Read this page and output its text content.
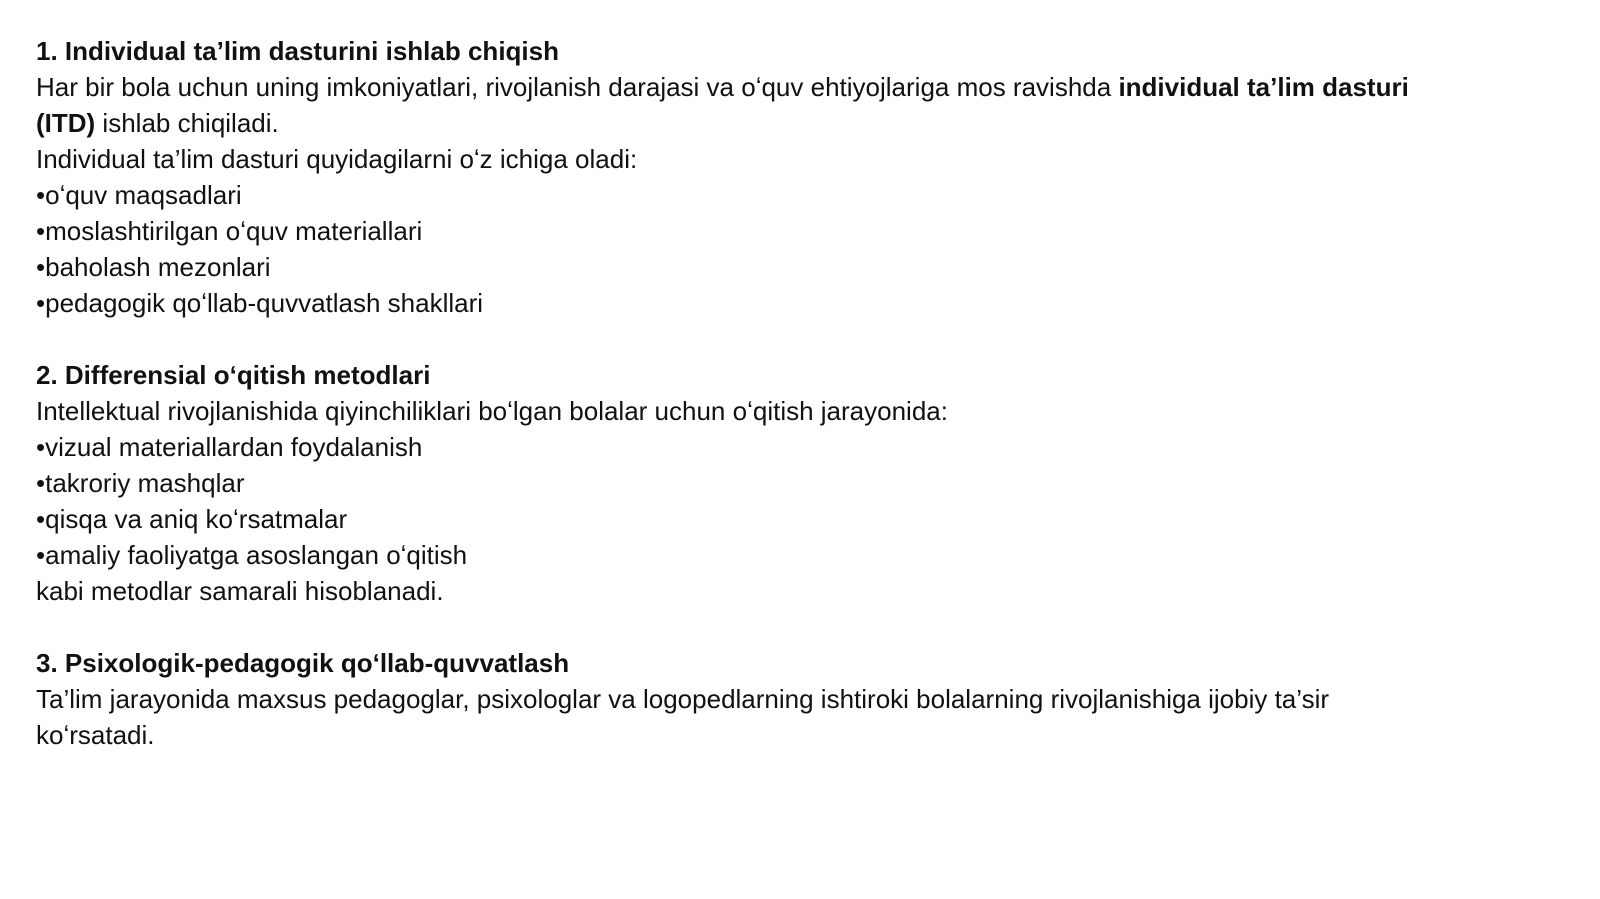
1. Individual ta’lim dasturini ishlab chiqish
Har bir bola uchun uning imkoniyatlari, rivojlanish darajasi va oʻquv ehtiyojlariga mos ravishda individual ta’lim dasturi (ITD) ishlab chiqiladi.
Individual ta’lim dasturi quyidagilarni oʻz ichiga oladi:
•oʻquv maqsadlari
•moslashtirilgan oʻquv materiallari
•baholash mezonlari
•pedagogik qoʻllab-quvvatlash shakllari
2. Differensial oʻqitish metodlari
Intellektual rivojlanishida qiyinchiliklari boʻlgan bolalar uchun oʻqitish jarayonida:
•vizual materiallardan foydalanish
•takroriy mashqlar
•qisqa va aniq koʻrsatmalar
•amaliy faoliyatga asoslangan oʻqitish
kabi metodlar samarali hisoblanadi.
3. Psixologik-pedagogik qoʻllab-quvvatlash
Ta’lim jarayonida maxsus pedagoglar, psixologlar va logopedlarning ishtiroki bolalarning rivojlanishiga ijobiy ta’sir koʻrsatadi.
